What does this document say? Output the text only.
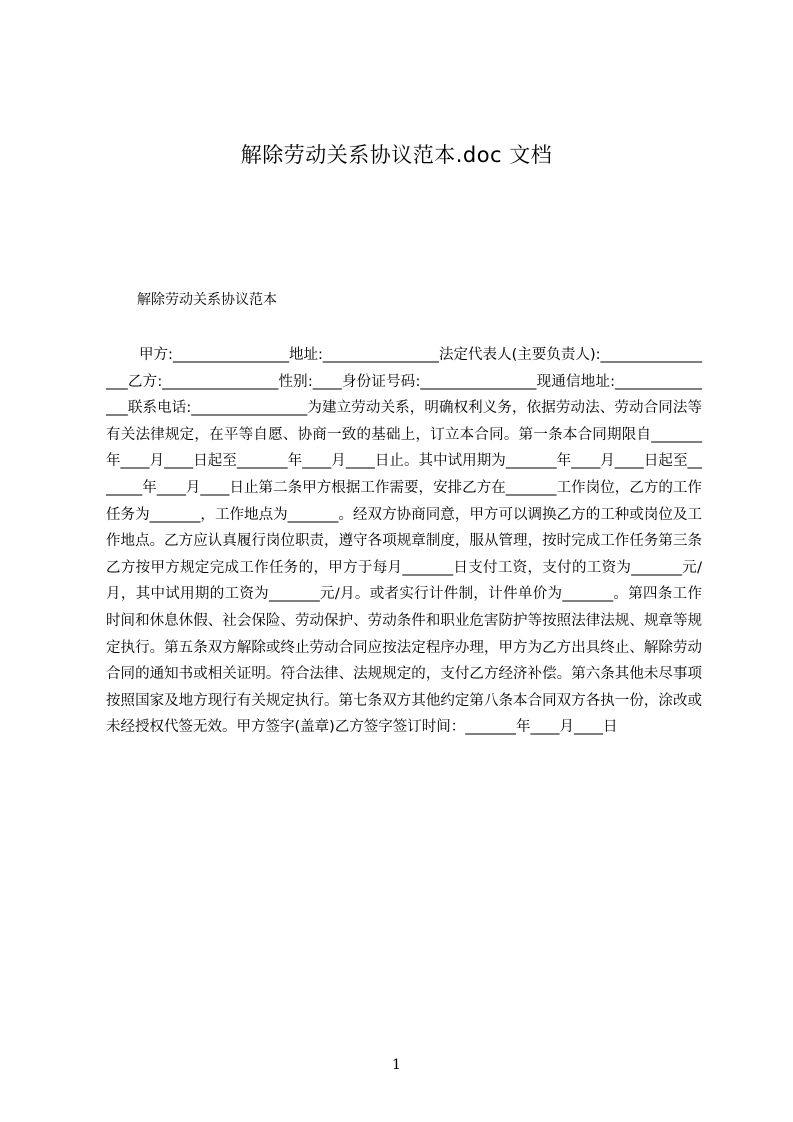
解除劳动关系协议范本.doc 文档
解除劳动关系协议范本

甲方:________________地址:________________法定代表人(主要负责人):_________________乙方:________________性别:____身份证号码:________________现通信地址:_______________联系电话:________________为建立劳动关系，明确权利义务，依据劳动法、劳动合同法等有关法律规定，在平等自愿、协商一致的基础上，订立本合同。第一条本合同期限自_______年____月____日起至_______年____月____日止。其中试用期为_______年____月____日起至_______年____月____日止第二条甲方根据工作需要，安排乙方在_______工作岗位，乙方的工作任务为_______，工作地点为_______。经双方协商同意，甲方可以调换乙方的工种或岗位及工作地点。乙方应认真履行岗位职责，遵守各项规章制度，服从管理，按时完成工作任务第三条乙方按甲方规定完成工作任务的，甲方于每月_______日支付工资，支付的工资为_______元/月，其中试用期的工资为_______元/月。或者实行计件制，计件单价为_______。第四条工作时间和休息休假、社会保险、劳动保护、劳动条件和职业危害防护等按照法律法规、规章等规定执行。第五条双方解除或终止劳动合同应按法定程序办理，甲方为乙方出具终止、解除劳动合同的通知书或相关证明。符合法律、法规规定的，支付乙方经济补偿。第六条其他未尽事项按照国家及地方现行有关规定执行。第七条双方其他约定第八条本合同双方各执一份，涂改或未经授权代签无效。甲方签字(盖章)乙方签字签订时间：_______年____月____日

1
